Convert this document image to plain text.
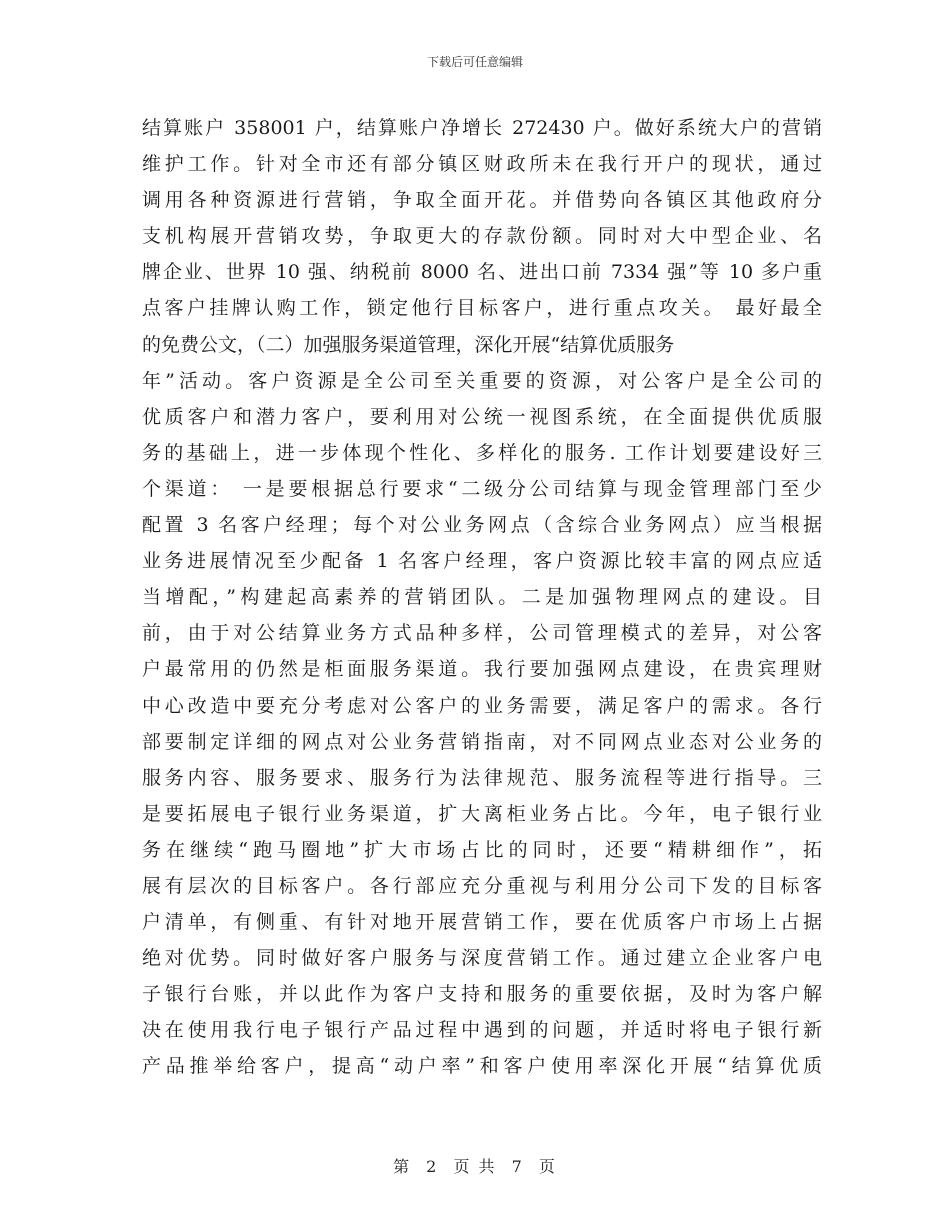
下载后可任意编辑
结算账户 358001 户，结算账户净增长 272430 户。做好系统大户的营销
维护工作。针对全市还有部分镇区财政所未在我行开户的现状，通过
调用各种资源进行营销，争取全面开花。并借势向各镇区其他政府分
支机构展开营销攻势，争取更大的存款份额。同时对大中型企业、名
牌企业、世界 10 强、纳税前 8000 名、进出口前 7334 强”等 10 多户重
点客户挂牌认购工作，锁定他行目标客户，进行重点攻关。 最好最全
的免费公文，（二）加强服务渠道管理，深化开展“结算优质服务
年”活动。客户资源是全公司至关重要的资源，对公客户是全公司的
优质客户和潜力客户，要利用对公统一视图系统，在全面提供优质服
务的基础上，进一步体现个性化、多样化的服务. 工作计划要建设好三
个渠道： 一是要根据总行要求“二级分公司结算与现金管理部门至少
配置 3 名客户经理；每个对公业务网点（含综合业务网点）应当根据
业务进展情况至少配备 1 名客户经理，客户资源比较丰富的网点应适
当增配，”构建起高素养的营销团队。二是加强物理网点的建设。目
前，由于对公结算业务方式品种多样，公司管理模式的差异，对公客
户最常用的仍然是柜面服务渠道。我行要加强网点建设，在贵宾理财
中心改造中要充分考虑对公客户的业务需要，满足客户的需求。各行
部要制定详细的网点对公业务营销指南，对不同网点业态对公业务的
服务内容、服务要求、服务行为法律规范、服务流程等进行指导。三
是要拓展电子银行业务渠道，扩大离柜业务占比。今年，电子银行业
务在继续“跑马圈地”扩大市场占比的同时，还要“精耕细作”，拓
展有层次的目标客户。各行部应充分重视与利用分公司下发的目标客
户清单，有侧重、有针对地开展营销工作，要在优质客户市场上占据
绝对优势。同时做好客户服务与深度营销工作。通过建立企业客户电
子银行台账，并以此作为客户支持和服务的重要依据，及时为客户解
决在使用我行电子银行产品过程中遇到的问题，并适时将电子银行新
产品推举给客户，提高“动户率”和客户使用率深化开展“结算优质
第 2 页 共 7 页
